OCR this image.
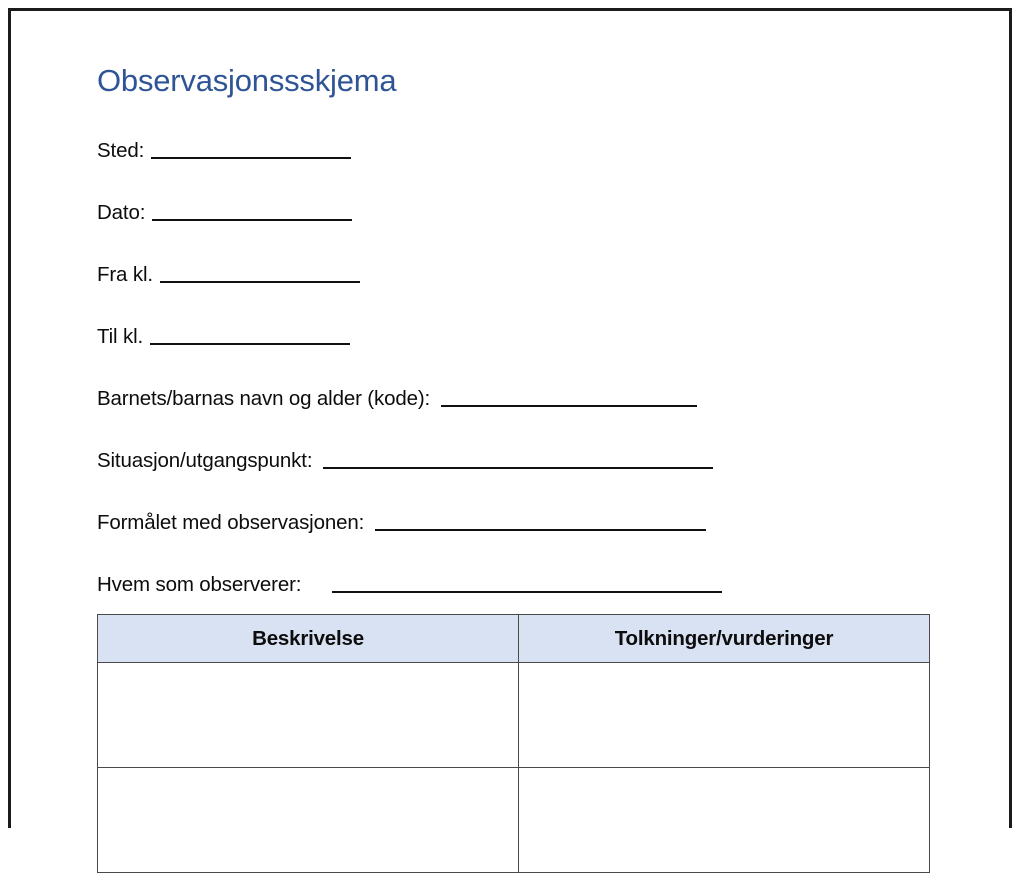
Observasjonssskjema
Sted:
Dato:
Fra kl.
Til kl.
Barnets/barnas navn og alder (kode):
Situasjon/utgangspunkt:
Formålet med observasjonen:
Hvem som observerer:
Beskrivelse	Tolkninger/vurderinger
